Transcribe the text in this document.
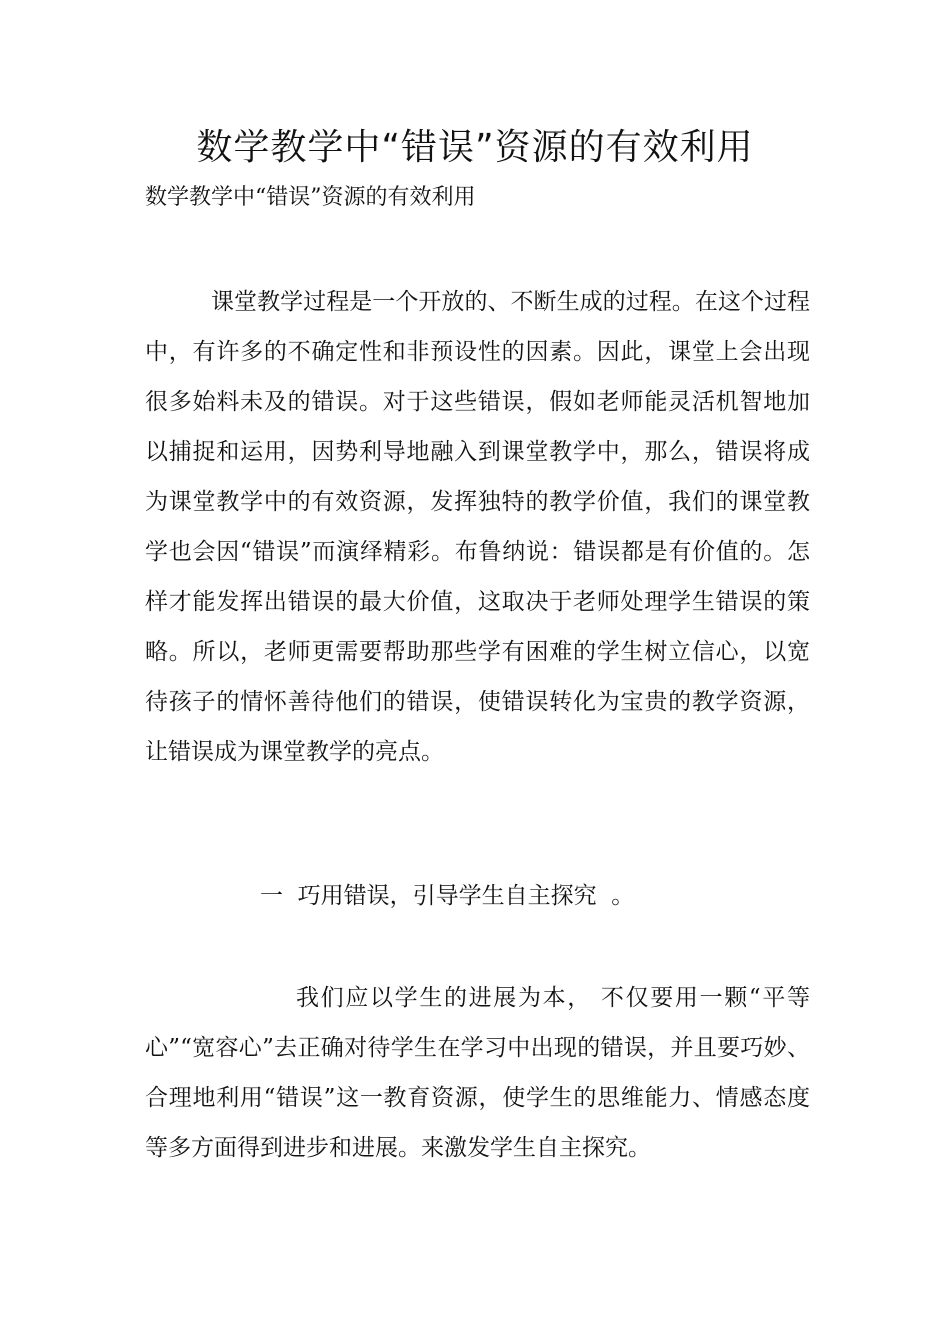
数学教学中“错误”资源的有效利用

数学教学中“错误”资源的有效利用

课堂教学过程是一个开放的、不断生成的过程。在这个过程中，有许多的不确定性和非预设性的因素。因此，课堂上会出现很多始料未及的错误。对于这些错误，假如老师能灵活机智地加以捕捉和运用，因势利导地融入到课堂教学中，那么，错误将成为课堂教学中的有效资源，发挥独特的教学价值，我们的课堂教学也会因“错误”而演绎精彩。布鲁纳说：错误都是有价值的。怎样才能发挥出错误的最大价值，这取决于老师处理学生错误的策略。所以，老师更需要帮助那些学有困难的学生树立信心，以宽待孩子的情怀善待他们的错误，使错误转化为宝贵的教学资源，让错误成为课堂教学的亮点。

一  巧用错误，引导学生自主探究  。

我们应以学生的进展为本， 不仅要用一颗“平等心”“宽容心”去正确对待学生在学习中出现的错误，并且要巧妙、合理地利用“错误”这一教育资源，使学生的思维能力、情感态度等多方面得到进步和进展。来激发学生自主探究。
